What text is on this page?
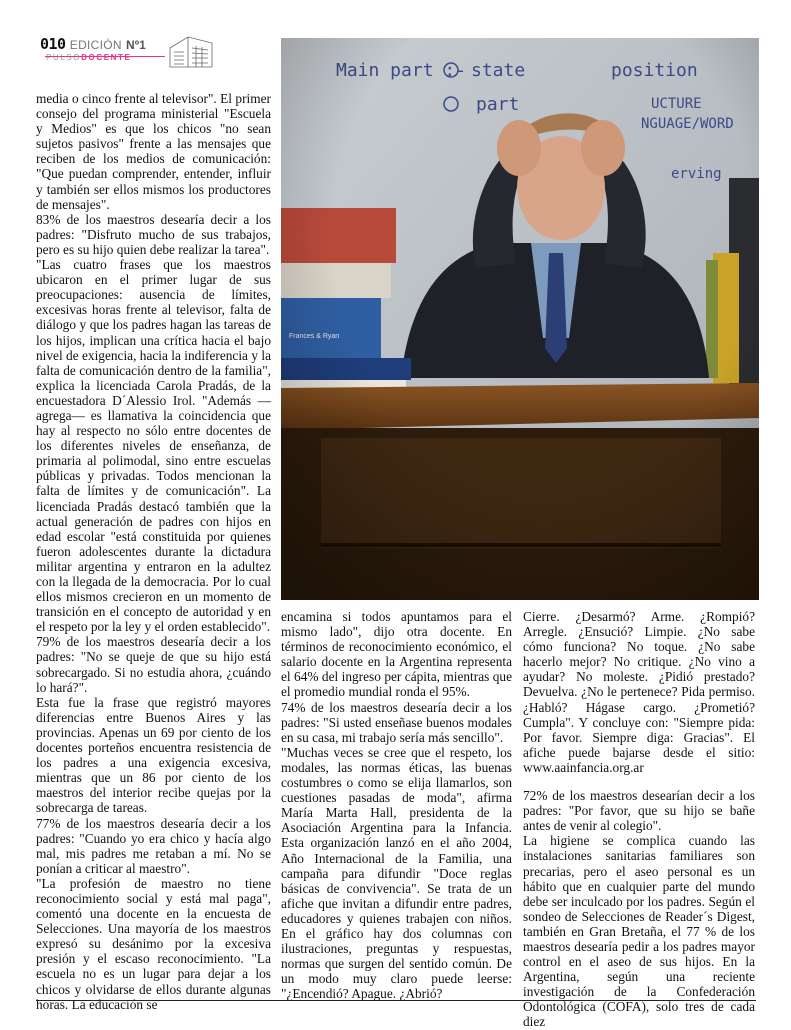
010 EDICIÓN Nº1
PULSODOCENTE

media o cinco frente al televisor". El primer consejo del programa ministerial "Escuela y Medios" es que los chicos "no sean sujetos pasivos" frente a las mensajes que reciben de los medios de comunicación: "Que puedan comprender, entender, influir y también ser ellos mismos los productores de mensajes".

83% de los maestros desearía decir a los padres: "Disfruto mucho de sus trabajos, pero es su hijo quien debe realizar la tarea".

"Las cuatro frases que los maestros ubicaron en el primer lugar de sus preocupaciones: ausencia de límites, excesivas horas frente al televisor, falta de diálogo y que los padres hagan las tareas de los hijos, implican una crítica hacia el bajo nivel de exigencia, hacia la indiferencia y la falta de comunicación dentro de la familia", explica la licenciada Carola Pradás, de la encuestadora D´Alessio Irol. "Además —agrega— es llamativa la coincidencia que hay al respecto no sólo entre docentes de los diferentes niveles de enseñanza, de primaria al polimodal, sino entre escuelas públicas y privadas. Todos mencionan la falta de límites y de comunicación". La licenciada Pradás destacó también que la actual generación de padres con hijos en edad escolar "está constituida por quienes fueron adolescentes durante la dictadura militar argentina y entraron en la adultez con la llegada de la democracia. Por lo cual ellos mismos crecieron en un momento de transición en el concepto de autoridad y en el respeto por la ley y el orden establecido".

79% de los maestros desearía decir a los padres: "No se queje de que su hijo está sobrecargado. Si no estudia ahora, ¿cuándo lo hará?".

Esta fue la frase que registró mayores diferencias entre Buenos Aires y las provincias. Apenas un 69 por ciento de los docentes porteños encuentra resistencia de los padres a una exigencia excesiva, mientras que un 86 por ciento de los maestros del interior recibe quejas por la sobrecarga de tareas.

77% de los maestros desearía decir a los padres: "Cuando yo era chico y hacía algo mal, mis padres me retaban a mí. No se ponían a criticar al maestro".

"La profesión de maestro no tiene reconocimiento social y está mal paga", comentó una docente en la encuesta de Selecciones. Una mayoría de los maestros expresó su desánimo por la excesiva presión y el escaso reconocimiento. "La escuela no es un lugar para dejar a los chicos y olvidarse de ellos durante algunas horas. La educación se

encamina si todos apuntamos para el mismo lado", dijo otra docente. En términos de reconocimiento económico, el salario docente en la Argentina representa el 64% del ingreso per cápita, mientras que el promedio mundial ronda el 95%.

74% de los maestros desearía decir a los padres: "Si usted enseñase buenos modales en su casa, mi trabajo sería más sencillo".

"Muchas veces se cree que el respeto, los modales, las normas éticas, las buenas costumbres o como se elija llamarlos, son cuestiones pasadas de moda", afirma María Marta Hall, presidenta de la Asociación Argentina para la Infancia. Esta organización lanzó en el año 2004, Año Internacional de la Familia, una campaña para difundir "Doce reglas básicas de convivencia". Se trata de un afiche que invitan a difundir entre padres, educadores y quienes trabajen con niños. En el gráfico hay dos columnas con ilustraciones, preguntas y respuestas, normas que surgen del sentido común. De un modo muy claro puede leerse: "¿Encendió? Apague. ¿Abrió?

Cierre. ¿Desarmó? Arme. ¿Rompió? Arregle. ¿Ensució? Limpie. ¿No sabe cómo funciona? No toque. ¿No sabe hacerlo mejor? No critique. ¿No vino a ayudar? No moleste. ¿Pidió prestado? Devuelva. ¿No le pertenece? Pida permiso. ¿Habló? Hágase cargo. ¿Prometió? Cumpla". Y concluye con: "Siempre pida: Por favor. Siempre diga: Gracias". El afiche puede bajarse desde el sitio: www.aainfancia.org.ar

72% de los maestros desearían decir a los padres: "Por favor, que su hijo se bañe antes de venir al colegio".

La higiene se complica cuando las instalaciones sanitarias familiares son precarias, pero el aseo personal es un hábito que en cualquier parte del mundo debe ser inculcado por los padres. Según el sondeo de Selecciones de Reader´s Digest, también en Gran Bretaña, el 77 % de los maestros desearía pedir a los padres mayor control en el aseo de sus hijos. En la Argentina, según una reciente investigación de la Confederación Odontológica (COFA), solo tres de cada diez
